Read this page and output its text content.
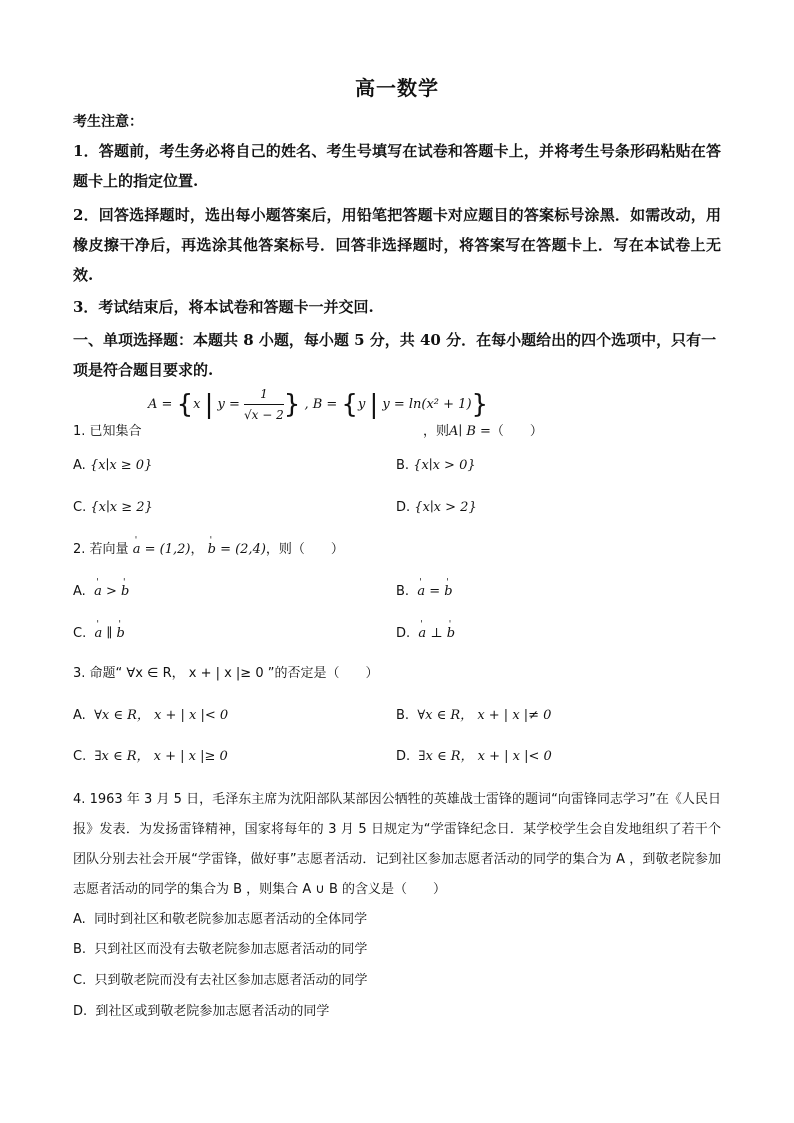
高一数学
考生注意：
1．答题前，考生务必将自己的姓名、考生号填写在试卷和答题卡上，并将考生号条形码粘贴在答题卡上的指定位置.
2．回答选择题时，选出每小题答案后，用铅笔把答题卡对应题目的答案标号涂黑．如需改动，用橡皮擦干净后，再选涂其他答案标号．回答非选择题时，将答案写在答题卡上．写在本试卷上无效.
3．考试结束后，将本试卷和答题卡一并交回.
一、单项选择题：本题共 8 小题，每小题 5 分，共 40 分．在每小题给出的四个选项中，只有一项是符合题目要求的.
A = {x | $y = \frac{1}{√x - 2}$ } , B = {y | y = ln(x² + 1)}
1. 已知集合	，则A∣ B =（　　）
A. {x∣x ≥ 0}	B. {x∣x > 0}
C. {x∣x ≥ 2}	D. {x∣x > 2}
2. 若向量 ' a = (1,2)， ' b = (2,4)，则（　　）
A. ' a > ' b	B. ' a = ' b
C. ' a ∥ ' b	D. ' a ⊥ ' b
3. 命题“ ∀x ∈ R， x + | x |≥ 0 ”的否定是（　　）
A. ∀x ∈ R， x + | x |< 0	B. ∀x ∈ R， x + | x |≠ 0
C. ∃x ∈ R， x + | x |≥ 0	D. ∃x ∈ R， x + | x |< 0
4. 1963 年 3 月 5 日，毛泽东主席为沈阳部队某部因公牺牲的英雄战士雷锋的题词“向雷锋同志学习”在《人民日报》发表．为发扬雷锋精神，国家将每年的 3 月 5 日规定为“学雷锋纪念日．某学校学生会自发地组织了若干个团队分别去社会开展“学雷锋，做好事”志愿者活动．记到社区参加志愿者活动的同学的集合为 A ，到敬老院参加志愿者活动的同学的集合为 B ，则集合 A ∪ B 的含义是（　　）
A. 同时到社区和敬老院参加志愿者活动的全体同学
B. 只到社区而没有去敬老院参加志愿者活动的同学
C. 只到敬老院而没有去社区参加志愿者活动的同学
D. 到社区或到敬老院参加志愿者活动的同学
